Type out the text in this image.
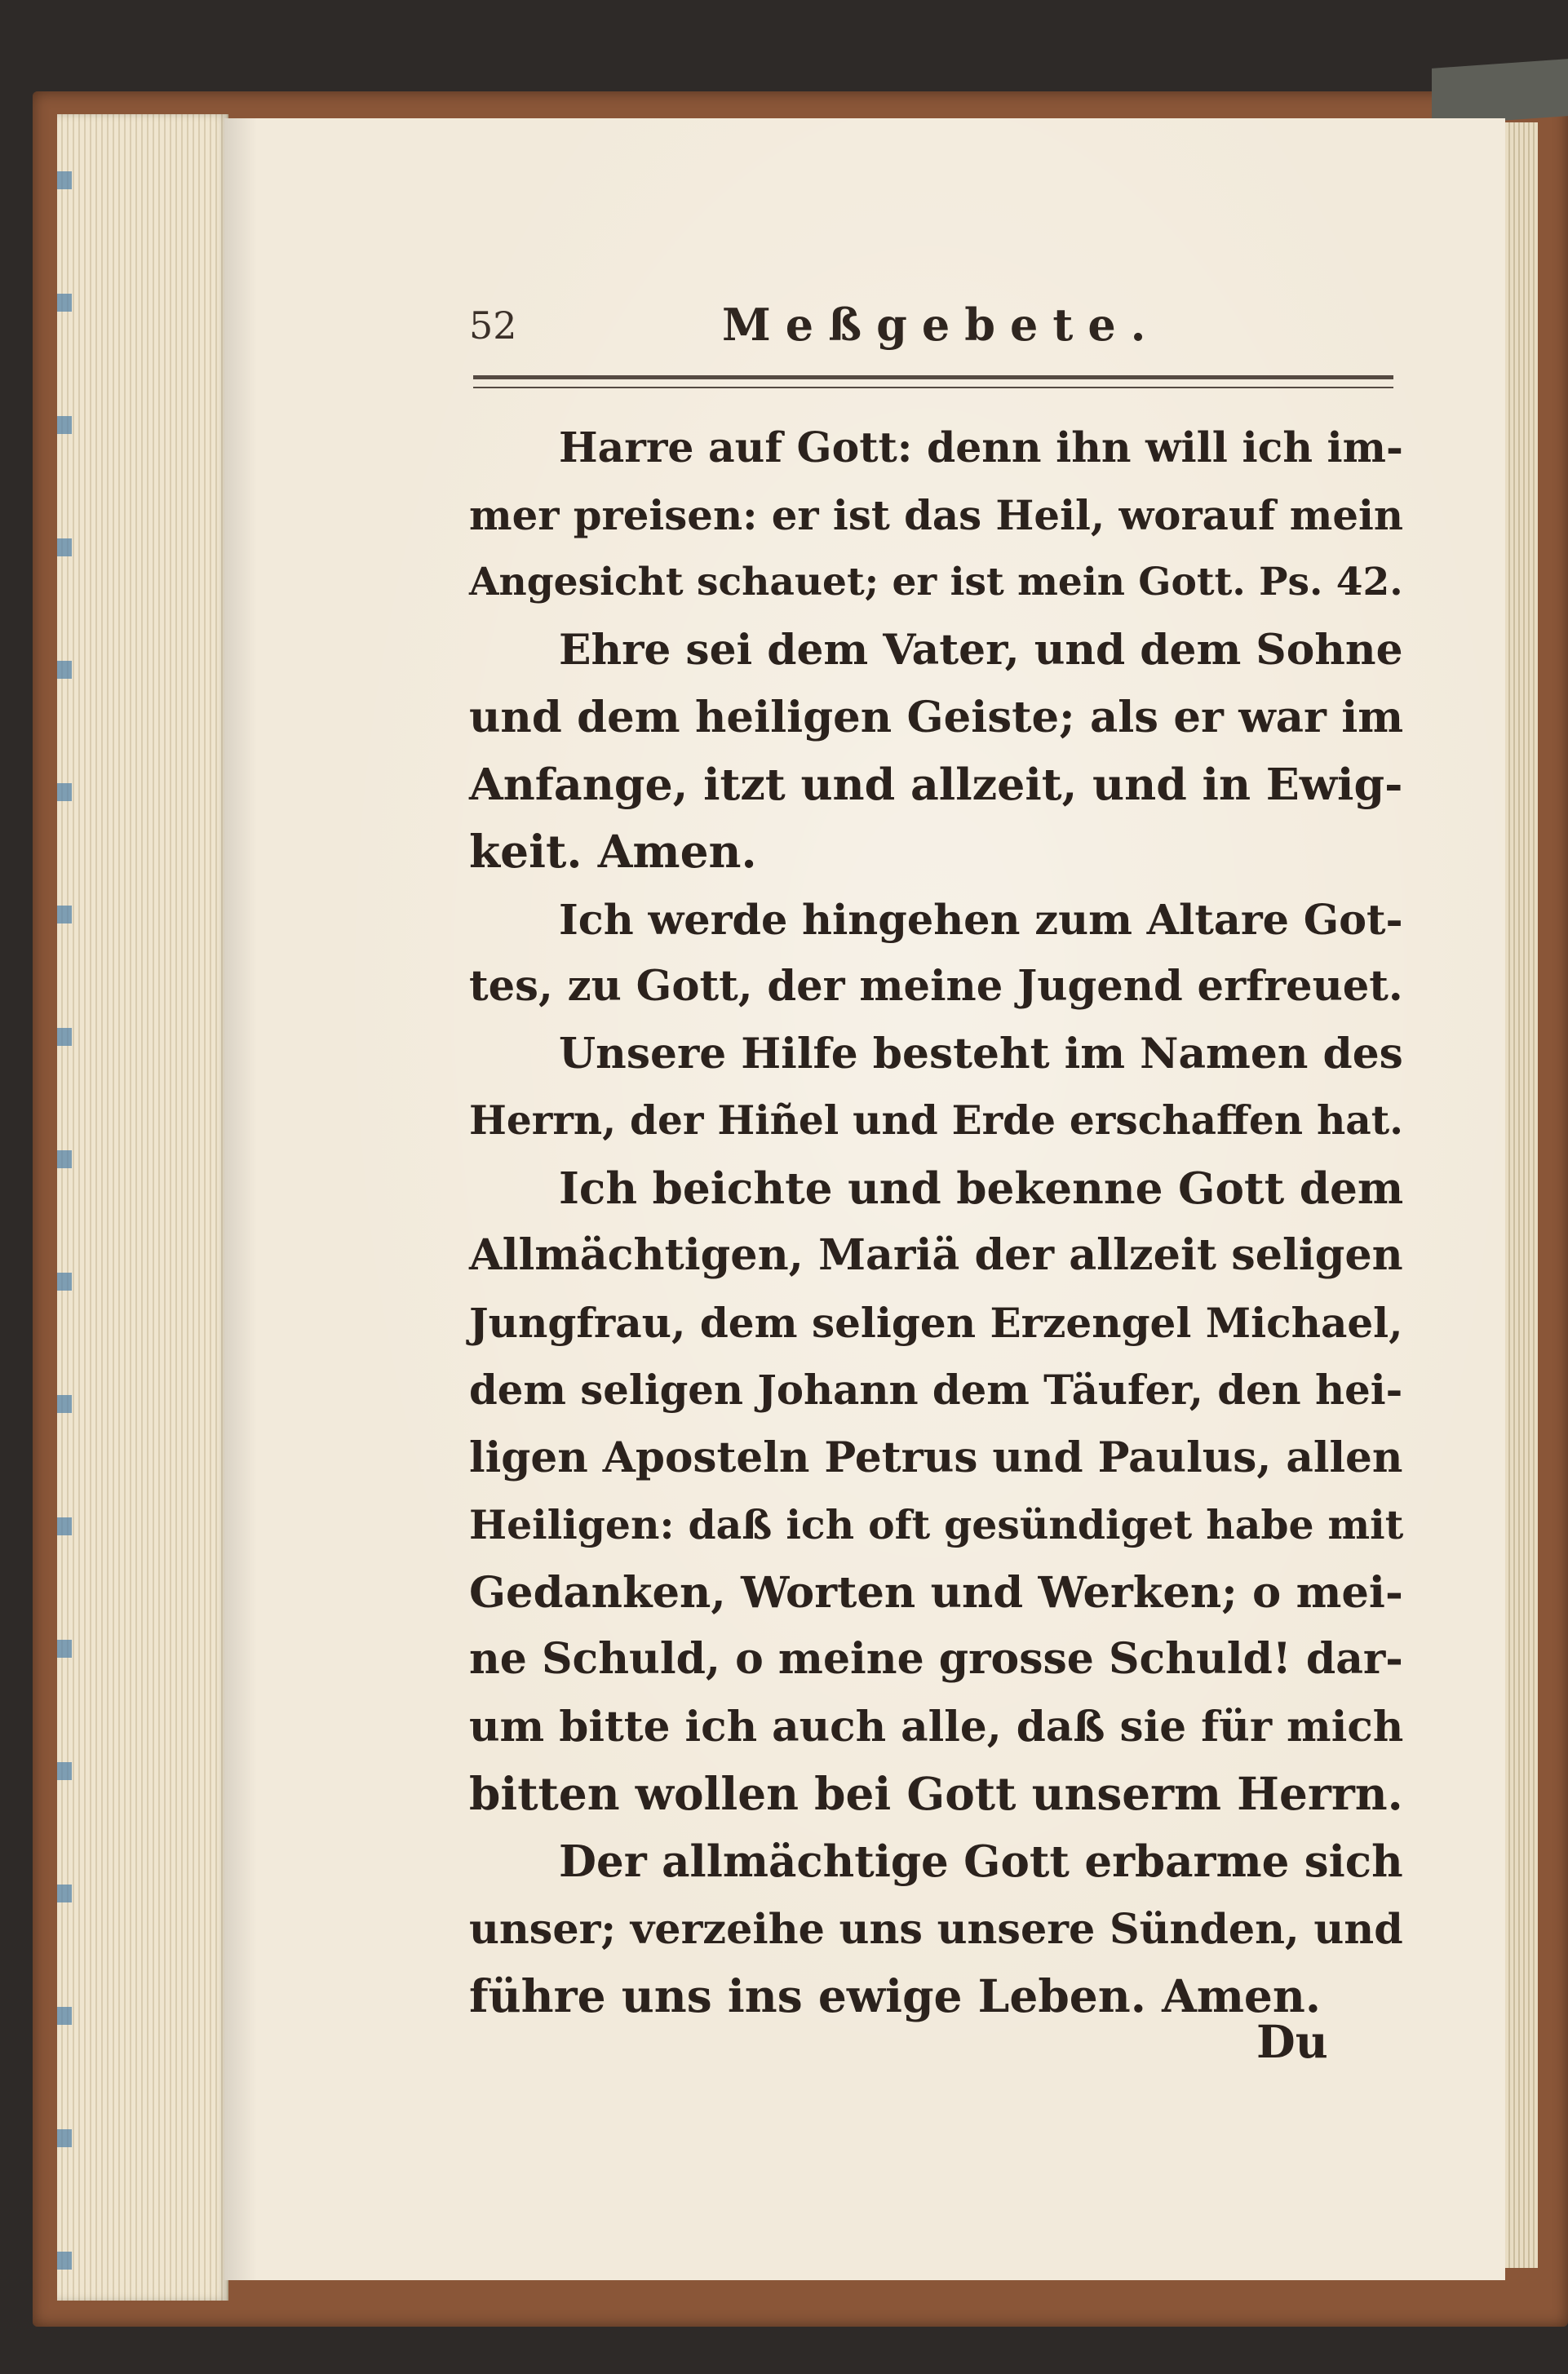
52	Meßgebete.
Harre auf Gott: denn ihn will ich im-
mer preisen: er ist das Heil, worauf mein
Angesicht schauet; er ist mein Gott. Ps. 42.
Ehre sei dem Vater, und dem Sohne
und dem heiligen Geiste; als er war im
Anfange, itzt und allzeit, und in Ewig-
keit. Amen.
Ich werde hingehen zum Altare Got-
tes, zu Gott, der meine Jugend erfreuet.
Unsere Hilfe besteht im Namen des
Herrn, der Hiñel und Erde erschaffen hat.
Ich beichte und bekenne Gott dem
Allmächtigen, Mariä der allzeit seligen
Jungfrau, dem seligen Erzengel Michael,
dem seligen Johann dem Täufer, den hei-
ligen Aposteln Petrus und Paulus, allen
Heiligen: daß ich oft gesündiget habe mit
Gedanken, Worten und Werken; o mei-
ne Schuld, o meine grosse Schuld! dar-
um bitte ich auch alle, daß sie für mich
bitten wollen bei Gott unserm Herrn.
Der allmächtige Gott erbarme sich
unser; verzeihe uns unsere Sünden, und
führe uns ins ewige Leben. Amen.
Du
